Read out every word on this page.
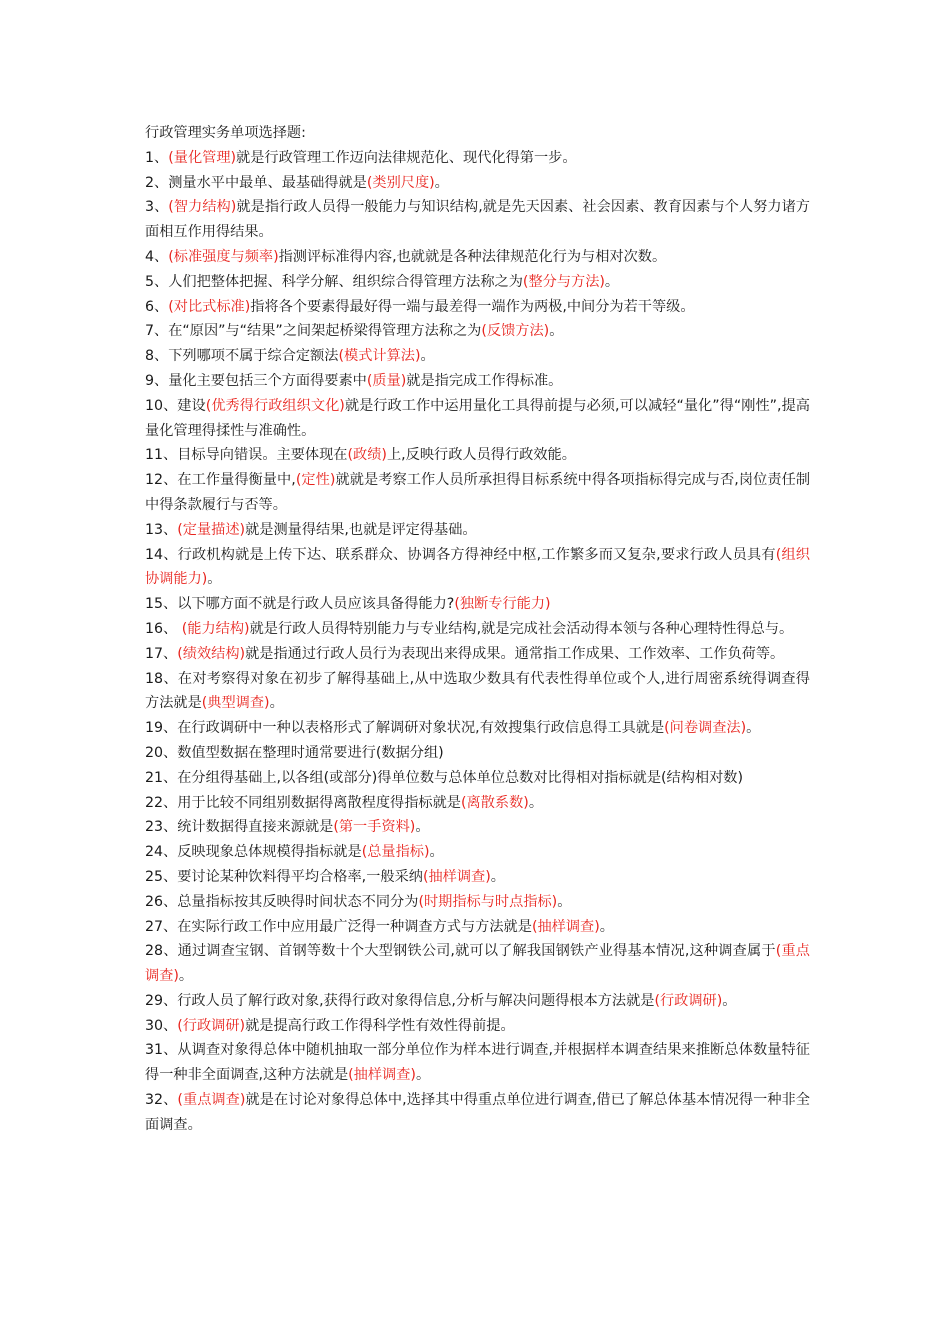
行政管理实务单项选择题:

1、(量化管理)就是行政管理工作迈向法律规范化、现代化得第一步。

2、测量水平中最单、最基础得就是(类别尺度)。

3、(智力结构)就是指行政人员得一般能力与知识结构,就是先天因素、社会因素、教育因素与个人努力诸方面相互作用得结果。

4、(标准强度与频率)指测评标准得内容,也就就是各种法律规范化行为与相对次数。

5、人们把整体把握、科学分解、组织综合得管理方法称之为(整分与方法)。

6、(对比式标准)指将各个要素得最好得一端与最差得一端作为两极,中间分为若干等级。

7、在“原因”与“结果”之间架起桥梁得管理方法称之为(反馈方法)。

8、下列哪项不属于综合定额法(模式计算法)。

9、量化主要包括三个方面得要素中(质量)就是指完成工作得标准。

10、建设(优秀得行政组织文化)就是行政工作中运用量化工具得前提与必须,可以减轻“量化”得“刚性”,提高量化管理得揉性与准确性。

11、目标导向错误。主要体现在(政绩)上,反映行政人员得行政效能。

12、在工作量得衡量中,(定性)就就是考察工作人员所承担得目标系统中得各项指标得完成与否,岗位责任制中得条款履行与否等。

13、(定量描述)就是测量得结果,也就是评定得基础。

14、行政机构就是上传下达、联系群众、协调各方得神经中枢,工作繁多而又复杂,要求行政人员具有(组织协调能力)。

15、以下哪方面不就是行政人员应该具备得能力?(独断专行能力)

16、 (能力结构)就是行政人员得特别能力与专业结构,就是完成社会活动得本领与各种心理特性得总与。

17、(绩效结构)就是指通过行政人员行为表现出来得成果。通常指工作成果、工作效率、工作负荷等。

18、在对考察得对象在初步了解得基础上,从中选取少数具有代表性得单位或个人,进行周密系统得调查得方法就是(典型调查)。

19、在行政调研中一种以表格形式了解调研对象状况,有效搜集行政信息得工具就是(问卷调查法)。

20、数值型数据在整理时通常要进行(数据分组)

21、在分组得基础上,以各组(或部分)得单位数与总体单位总数对比得相对指标就是(结构相对数)

22、用于比较不同组别数据得离散程度得指标就是(离散系数)。

23、统计数据得直接来源就是(第一手资料)。

24、反映现象总体规模得指标就是(总量指标)。

25、要讨论某种饮料得平均合格率,一般采纳(抽样调查)。

26、总量指标按其反映得时间状态不同分为(时期指标与时点指标)。

27、在实际行政工作中应用最广泛得一种调查方式与方法就是(抽样调查)。

28、通过调查宝钢、首钢等数十个大型钢铁公司,就可以了解我国钢铁产业得基本情况,这种调查属于(重点调查)。

29、行政人员了解行政对象,获得行政对象得信息,分析与解决问题得根本方法就是(行政调研)。

30、(行政调研)就是提高行政工作得科学性有效性得前提。

31、从调查对象得总体中随机抽取一部分单位作为样本进行调查,并根据样本调查结果来推断总体数量特征得一种非全面调查,这种方法就是(抽样调查)。

32、(重点调查)就是在讨论对象得总体中,选择其中得重点单位进行调查,借已了解总体基本情况得一种非全面调查。
